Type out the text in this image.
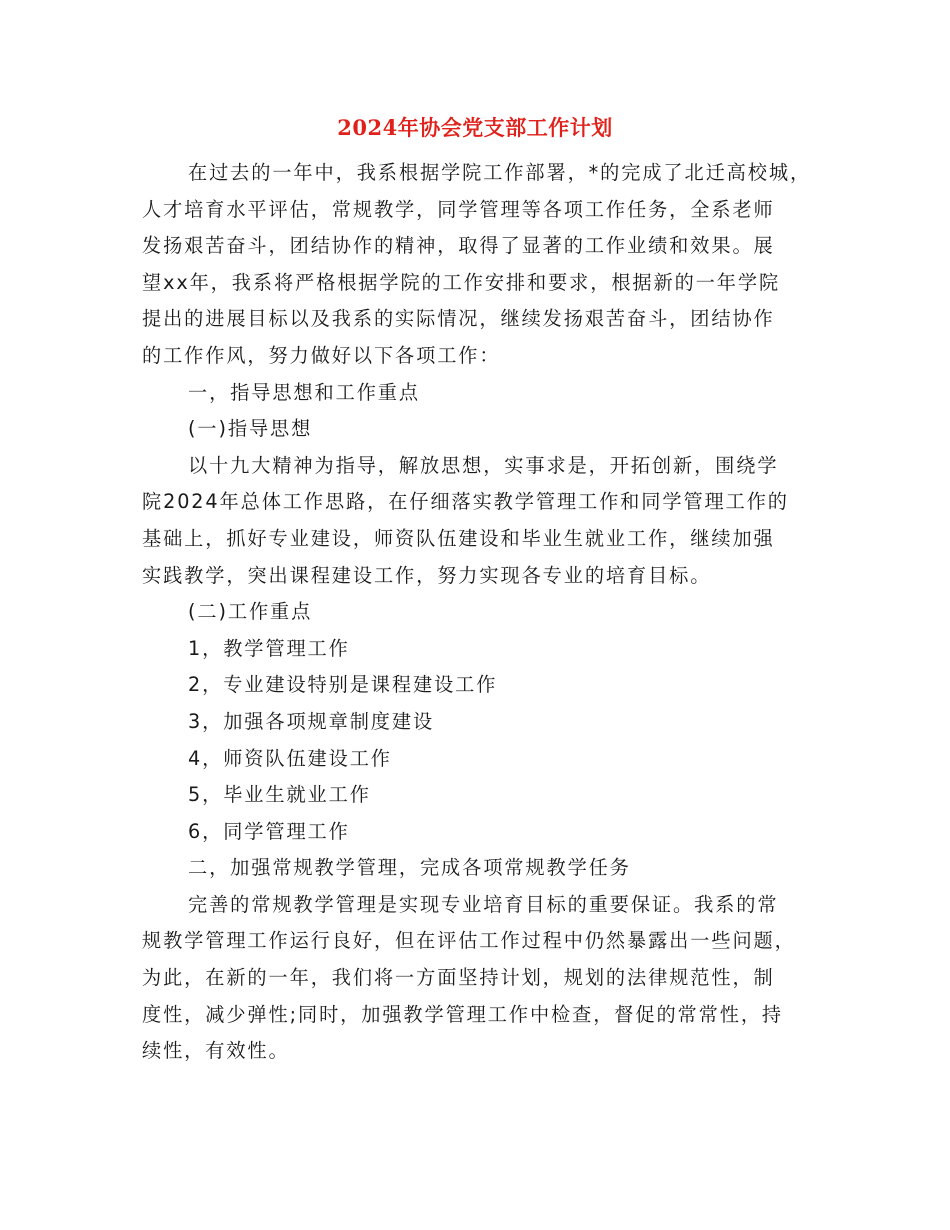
2024年协会党支部工作计划
在过去的一年中，我系根据学院工作部署，*的完成了北迁高校城，
人才培育水平评估，常规教学，同学管理等各项工作任务，全系老师
发扬艰苦奋斗，团结协作的精神，取得了显著的工作业绩和效果。展
望xx年，我系将严格根据学院的工作安排和要求，根据新的一年学院
提出的进展目标以及我系的实际情况，继续发扬艰苦奋斗，团结协作
的工作作风，努力做好以下各项工作：
一，指导思想和工作重点
(一)指导思想
以十九大精神为指导，解放思想，实事求是，开拓创新，围绕学
院2024年总体工作思路，在仔细落实教学管理工作和同学管理工作的
基础上，抓好专业建设，师资队伍建设和毕业生就业工作，继续加强
实践教学，突出课程建设工作，努力实现各专业的培育目标。
(二)工作重点
1，教学管理工作
2，专业建设特别是课程建设工作
3，加强各项规章制度建设
4，师资队伍建设工作
5，毕业生就业工作
6，同学管理工作
二，加强常规教学管理，完成各项常规教学任务
完善的常规教学管理是实现专业培育目标的重要保证。我系的常
规教学管理工作运行良好，但在评估工作过程中仍然暴露出一些问题，
为此，在新的一年，我们将一方面坚持计划，规划的法律规范性，制
度性，减少弹性;同时，加强教学管理工作中检查，督促的常常性，持
续性，有效性。
